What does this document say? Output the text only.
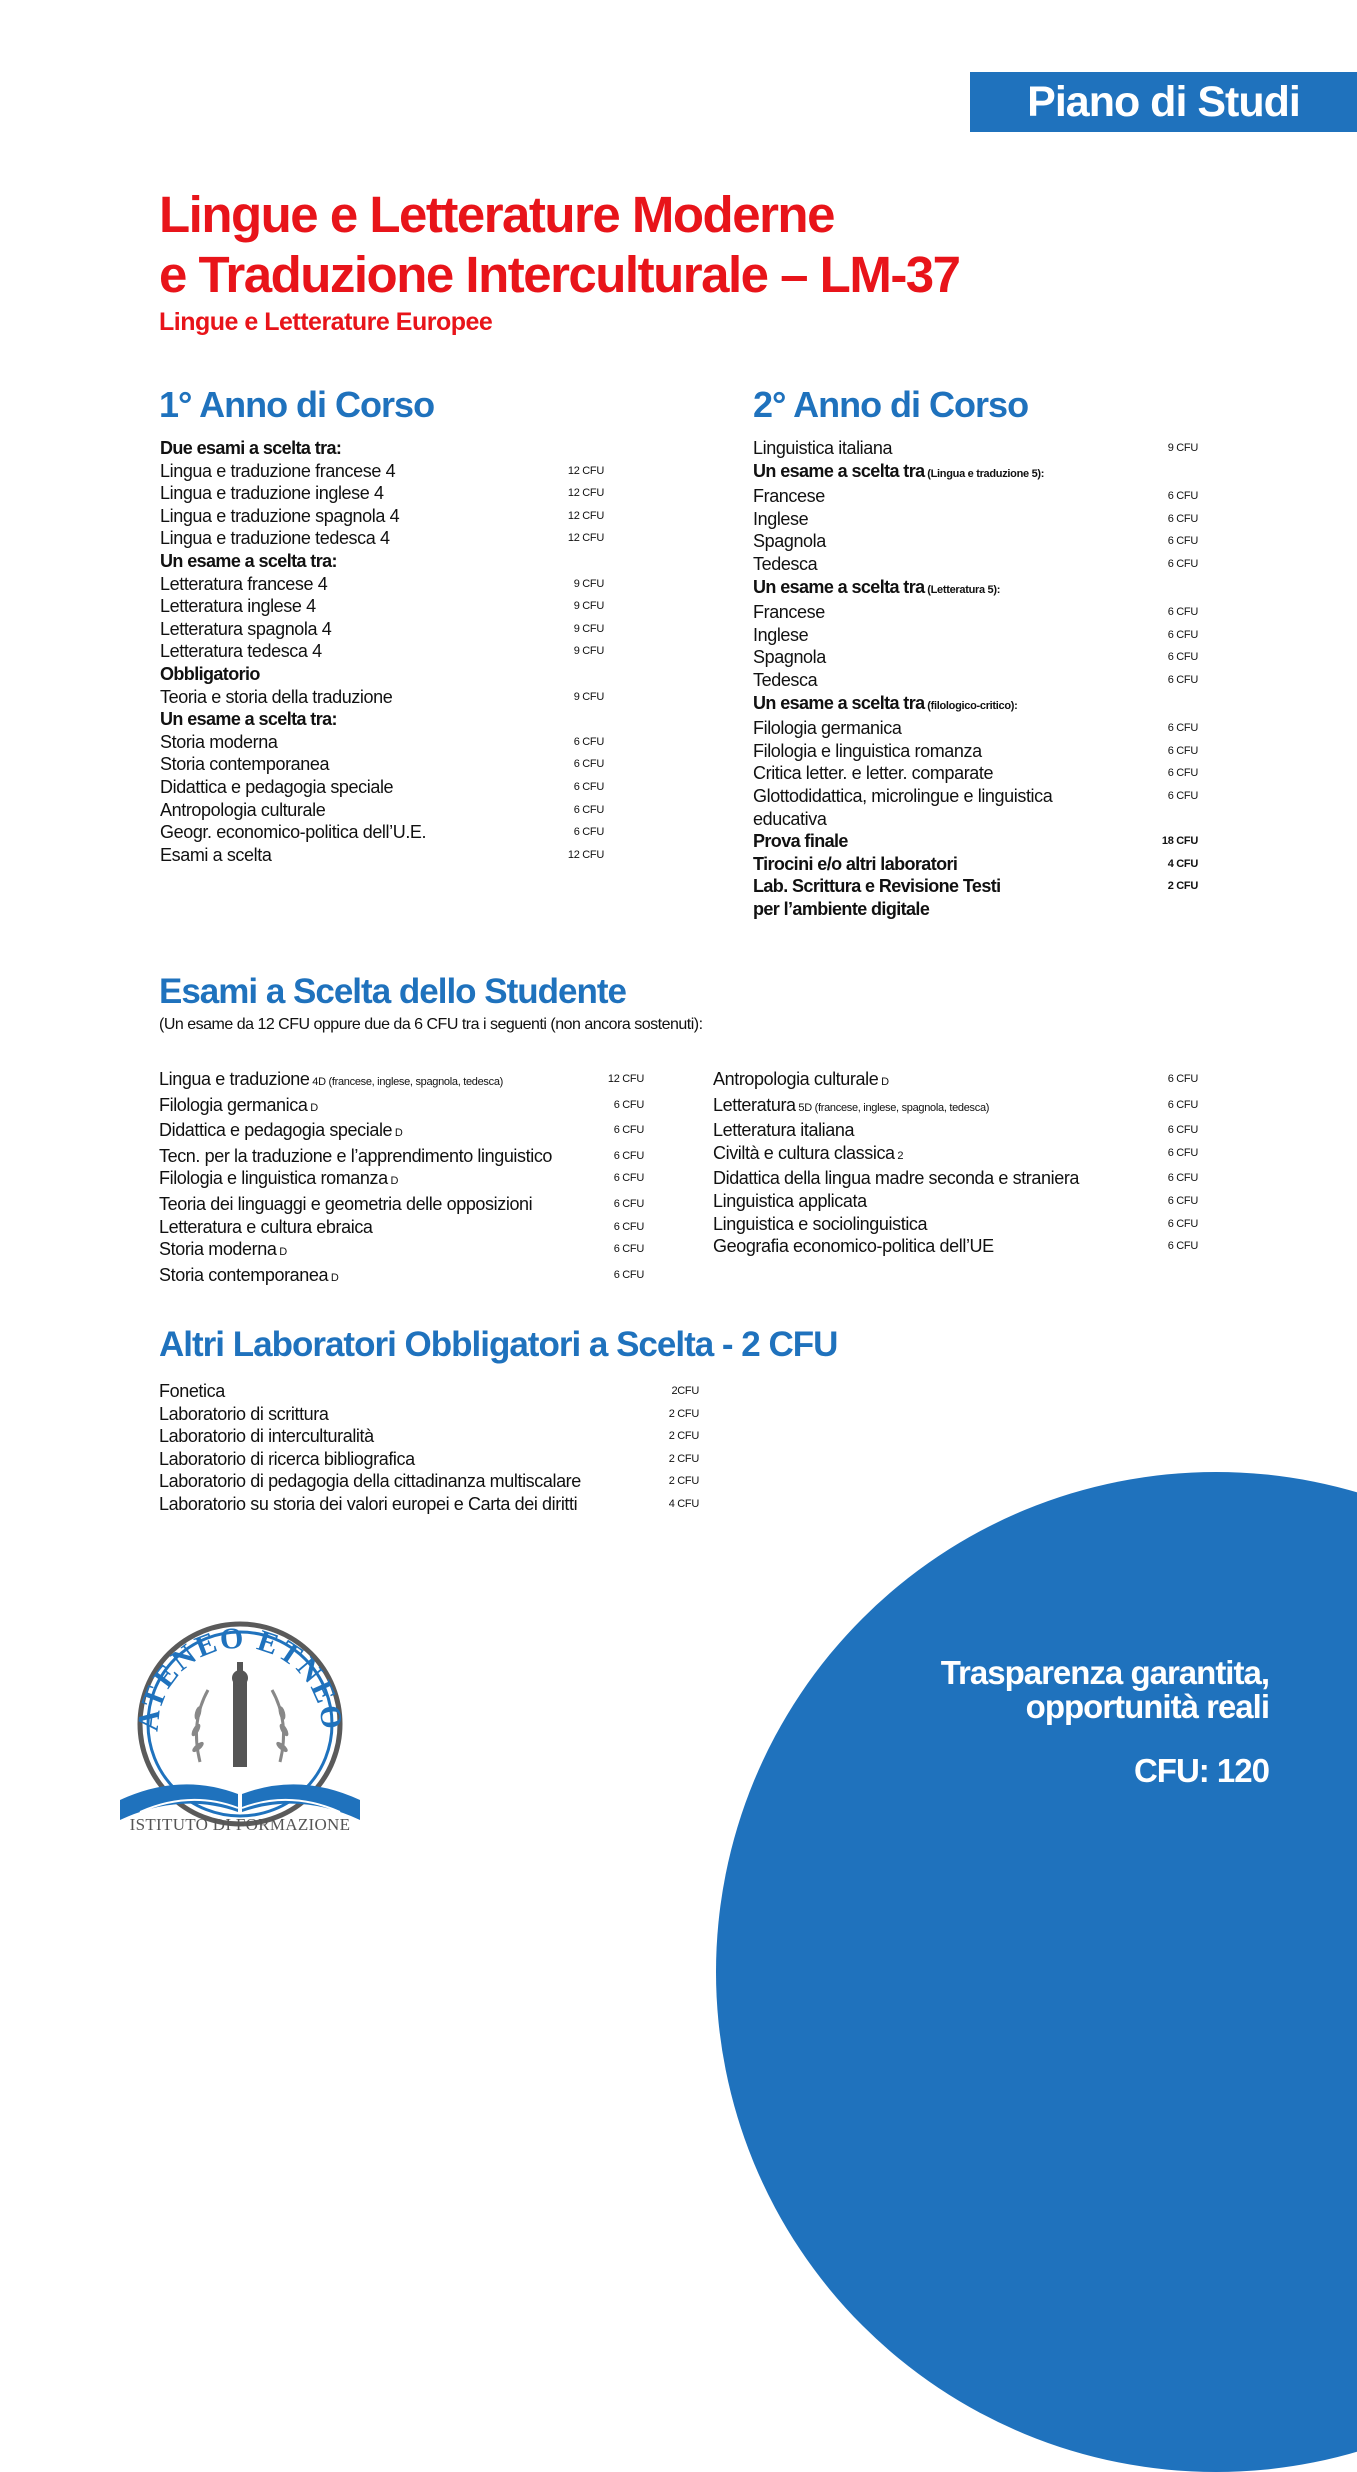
Piano di Studi
Lingue e Letterature Moderne
e Traduzione Interculturale – LM-37

Lingue e Letterature Europee

1° Anno di Corso
Due esami a scelta tra:
Lingua e traduzione francese 4	12 CFU
Lingua e traduzione inglese 4	12 CFU
Lingua e traduzione spagnola 4	12 CFU
Lingua e traduzione tedesca 4	12 CFU
Un esame a scelta tra:
Letteratura francese 4	9 CFU
Letteratura inglese 4	9 CFU
Letteratura spagnola 4	9 CFU
Letteratura tedesca 4	9 CFU
Obbligatorio
Teoria e storia della traduzione	9 CFU
Un esame a scelta tra:
Storia moderna	6 CFU
Storia contemporanea	6 CFU
Didattica e pedagogia speciale	6 CFU
Antropologia culturale	6 CFU
Geogr. economico-politica dell’U.E.	6 CFU
Esami a scelta	12 CFU
2° Anno di Corso
Linguistica italiana	9 CFU
Un esame a scelta tra (Lingua e traduzione 5):
Francese	6 CFU
Inglese	6 CFU
Spagnola	6 CFU
Tedesca	6 CFU
Un esame a scelta tra (Letteratura 5):
Francese	6 CFU
Inglese	6 CFU
Spagnola	6 CFU
Tedesca	6 CFU
Un esame a scelta tra (filologico-critico):
Filologia germanica	6 CFU
Filologia e linguistica romanza	6 CFU
Critica letter. e letter. comparate	6 CFU
Glottodidattica, microlingue e linguistica	6 CFU
educativa
Prova finale	18 CFU
Tirocini e/o altri laboratori	4 CFU
Lab. Scrittura e Revisione Testi	2 CFU
per l’ambiente digitale
Esami a Scelta dello Studente
(Un esame da 12 CFU oppure due da 6 CFU tra i seguenti (non ancora sostenuti):
Lingua e traduzione 4D (francese, inglese, spagnola, tedesca)	12 CFU
Filologia germanica D	6 CFU
Didattica e pedagogia speciale D	6 CFU
Tecn. per la traduzione e l’apprendimento linguistico	6 CFU
Filologia e linguistica romanza D	6 CFU
Teoria dei linguaggi e geometria delle opposizioni	6 CFU
Letteratura e cultura ebraica	6 CFU
Storia moderna D	6 CFU
Storia contemporanea D	6 CFU
Antropologia culturale D	6 CFU
Letteratura 5D (francese, inglese, spagnola, tedesca)	6 CFU
Letteratura italiana	6 CFU
Civiltà e cultura classica 2	6 CFU
Didattica della lingua madre seconda e straniera	6 CFU
Linguistica applicata	6 CFU
Linguistica e sociolinguistica	6 CFU
Geografia economico-politica dell’UE	6 CFU
Altri Laboratori Obbligatori a Scelta - 2 CFU
Fonetica	2CFU
Laboratorio di scrittura	2 CFU
Laboratorio di interculturalità	2 CFU
Laboratorio di ricerca bibliografica	2 CFU
Laboratorio di pedagogia della cittadinanza multiscalare	2 CFU
Laboratorio su storia dei valori europei e Carta dei diritti	4 CFU
Trasparenza garantita,
opportunità reali
CFU: 120
ATENEO ETNEO
ISTITUTO DI FORMAZIONE
